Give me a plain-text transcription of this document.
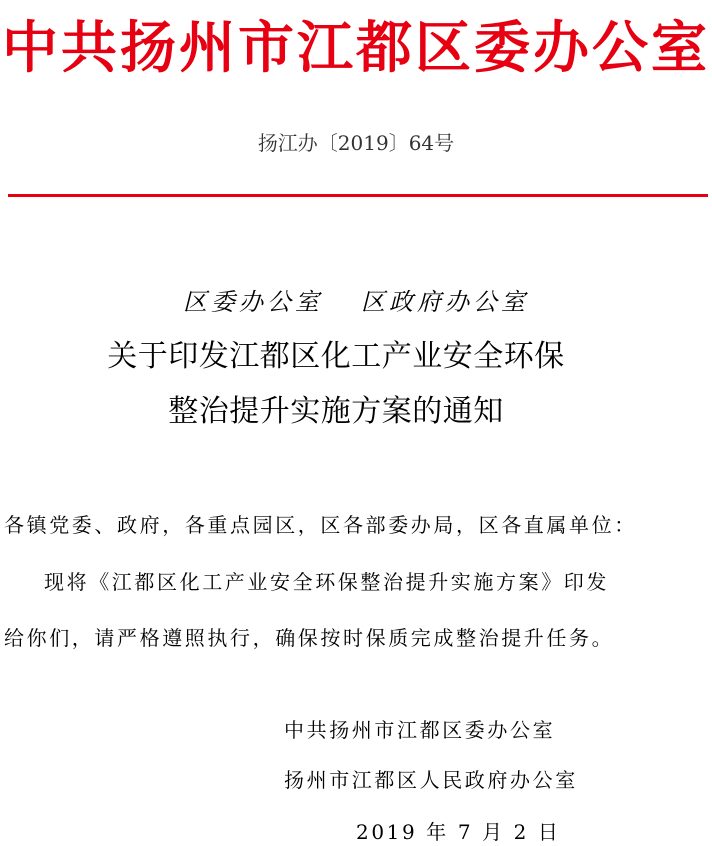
中共扬州市江都区委办公室
扬江办〔2019〕64号
区委办公室 区政府办公室
关于印发江都区化工产业安全环保
整治提升实施方案的通知
各镇党委、政府，各重点园区，区各部委办局，区各直属单位：
现将《江都区化工产业安全环保整治提升实施方案》印发
给你们，请严格遵照执行，确保按时保质完成整治提升任务。
中共扬州市江都区委办公室
扬州市江都区人民政府办公室
2019 年 7 月 2 日
